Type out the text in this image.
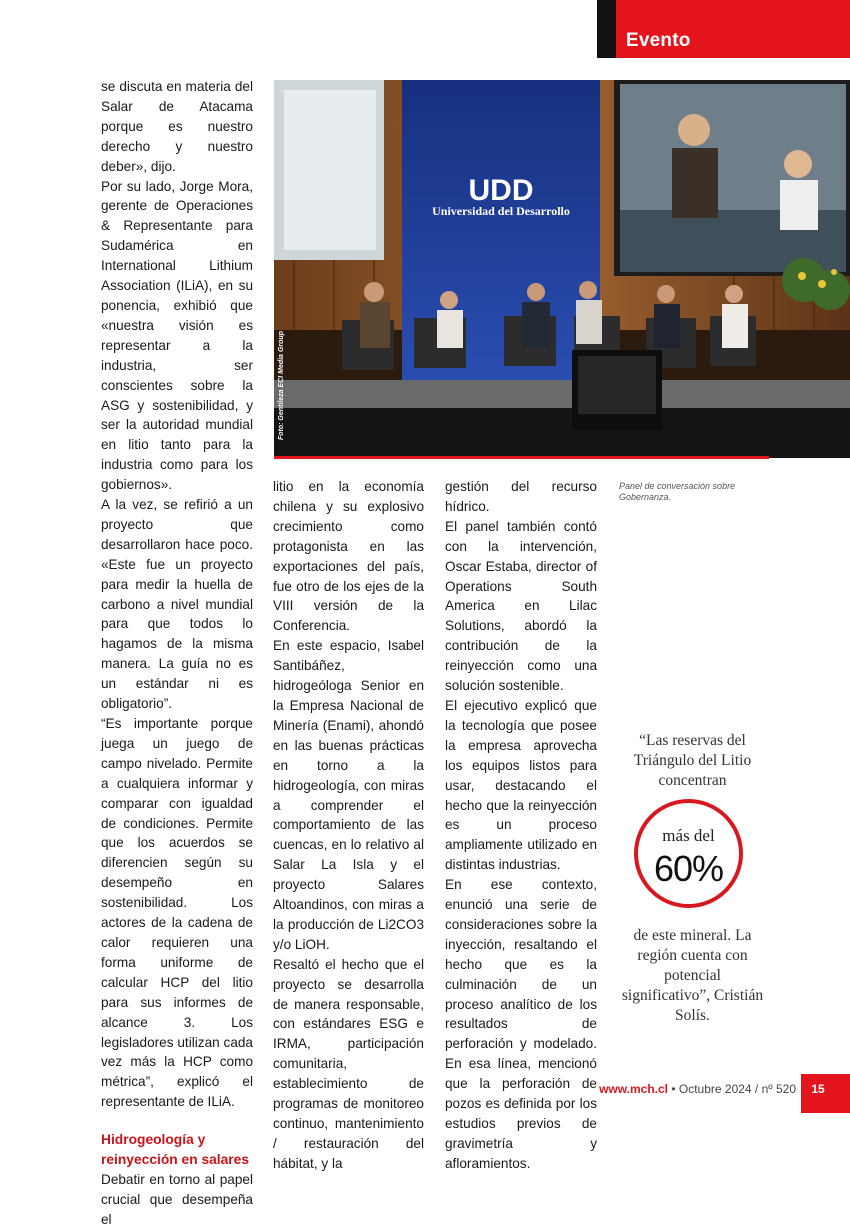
Evento

se discuta en materia del Salar de Atacama porque es nuestro derecho y nuestro deber», dijo.

Por su lado, Jorge Mora, gerente de Operaciones & Representante para Sudamérica en International Lithium Association (ILiA), en su ponencia, exhibió que «nuestra visión es representar a la industria, ser conscientes sobre la ASG y sostenibilidad, y ser la autoridad mundial en litio tanto para la industria como para los gobiernos».

A la vez, se refirió a un proyecto que desarrollaron hace poco. «Este fue un proyecto para medir la huella de carbono a nivel mundial para que todos lo hagamos de la misma manera. La guía no es un estándar ni es obligatorio”.

“Es importante porque juega un juego de campo nivelado. Permite a cualquiera informar y comparar con igualdad de condiciones. Permite que los acuerdos se diferencien según su desempeño en sostenibilidad. Los actores de la cadena de calor requieren una forma uniforme de calcular HCP del litio para sus informes de alcance 3. Los legisladores utilizan cada vez más la HCP como métrica”, explicó el representante de ILiA.

Hidrogeología y reinyección en salares

Debatir en torno al papel crucial que desempeña el

UDD
Universidad del Desarrollo
Foto: Gentileza ECI Media Group
Panel de conversación sobre Gobernanza.

litio en la economía chilena y su explosivo crecimiento como protagonista en las exportaciones del país, fue otro de los ejes de la VIII versión de la Conferencia.

En este espacio, Isabel Santibáñez, hidrogeóloga Senior en la Empresa Nacional de Minería (Enami), ahondó en las buenas prácticas en torno a la hidrogeología, con miras a comprender el comportamiento de las cuencas, en lo relativo al Salar La Isla y el proyecto Salares Altoandinos, con miras a la producción de Li2CO3 y/o LiOH.

Resaltó el hecho que el proyecto se desarrolla de manera responsable, con estándares ESG e IRMA, participación comunitaria, establecimiento de programas de monitoreo continuo, mantenimiento / restauración del hábitat, y la

gestión del recurso hídrico.

El panel también contó con la intervención, Oscar Estaba, director of Operations South America en Lilac Solutions, abordó la contribución de la reinyección como una solución sostenible.

El ejecutivo explicó que la tecnología que posee la empresa aprovecha los equipos listos para usar, destacando el hecho que la reinyección es un proceso ampliamente utilizado en distintas industrias.

En ese contexto, enunció una serie de consideraciones sobre la inyección, resaltando el hecho que es la culminación de un proceso analítico de los resultados de perforación y modelado. En esa línea, mencionó que la perforación de pozos es definida por los estudios previos de gravimetría y afloramientos.

“Las reservas del Triángulo del Litio concentran
más del
60%
de este mineral. La región cuenta con potencial significativo”, Cristián Solís.
www.mch.cl • Octubre 2024 / nº 520	15
